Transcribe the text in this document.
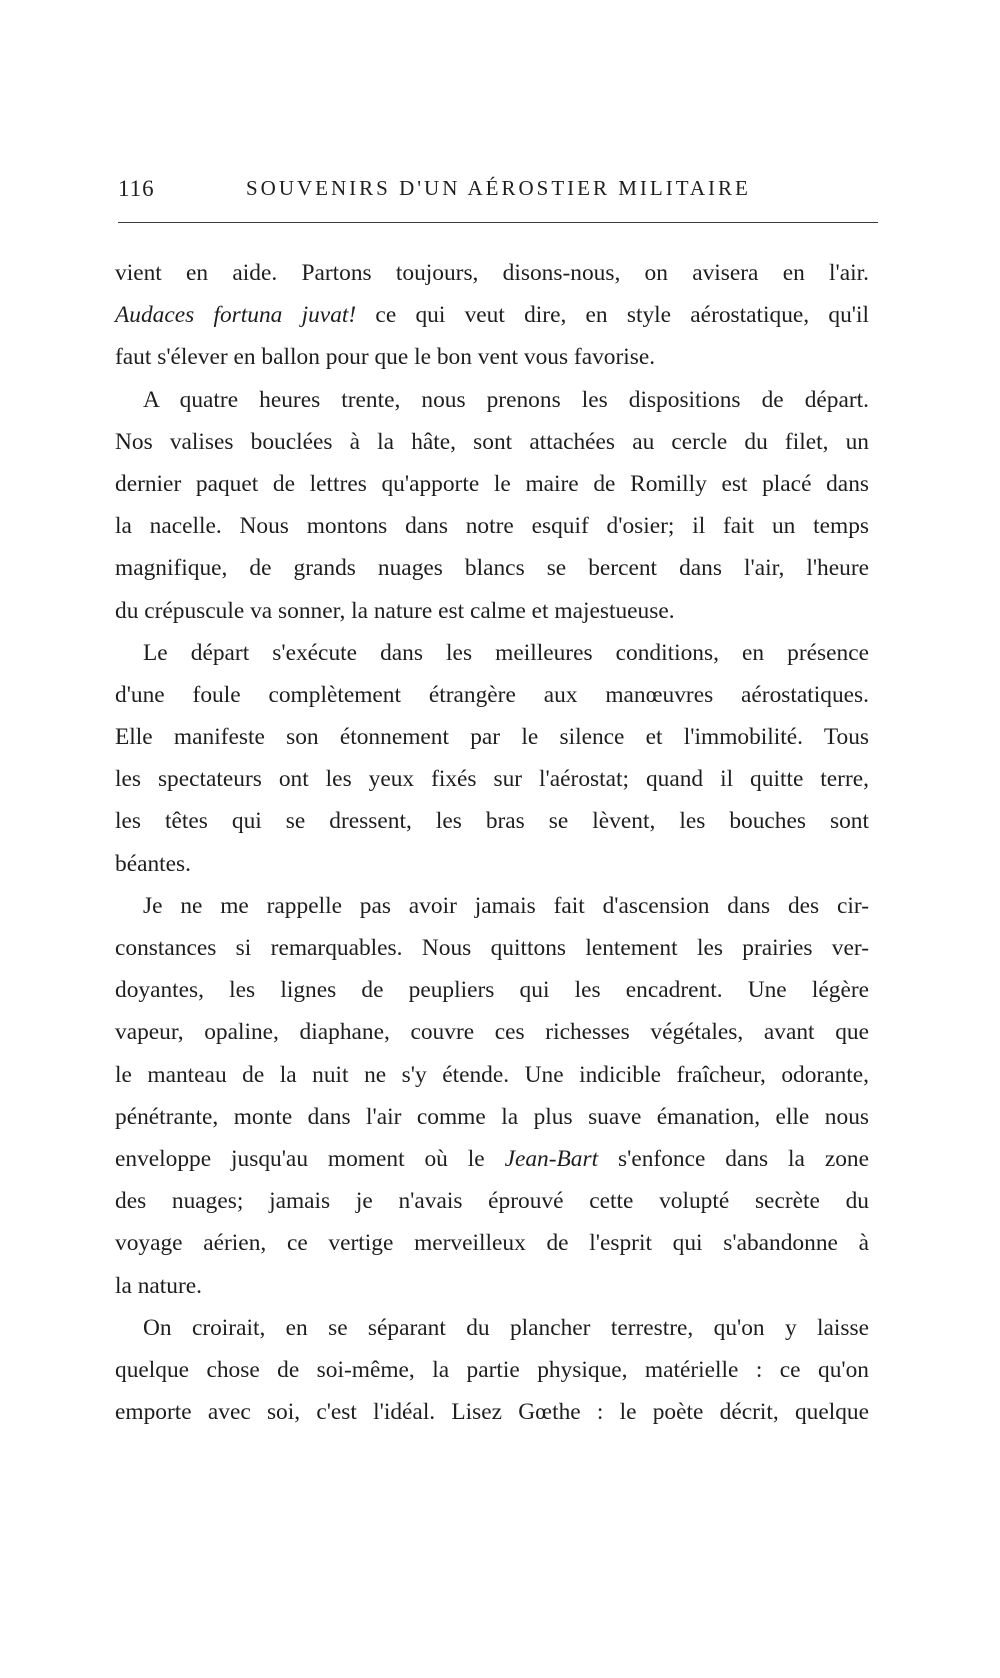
116	SOUVENIRS D'UN AÉROSTIER MILITAIRE
vient en aide. Partons toujours, disons-nous, on avisera en l'air.
Audaces fortuna juvat! ce qui veut dire, en style aérostatique, qu'il
faut s'élever en ballon pour que le bon vent vous favorise.
A quatre heures trente, nous prenons les dispositions de départ.
Nos valises bouclées à la hâte, sont attachées au cercle du filet, un
dernier paquet de lettres qu'apporte le maire de Romilly est placé dans
la nacelle. Nous montons dans notre esquif d'osier; il fait un temps
magnifique, de grands nuages blancs se bercent dans l'air, l'heure
du crépuscule va sonner, la nature est calme et majestueuse.
Le départ s'exécute dans les meilleures conditions, en présence
d'une foule complètement étrangère aux manœuvres aérostatiques.
Elle manifeste son étonnement par le silence et l'immobilité. Tous
les spectateurs ont les yeux fixés sur l'aérostat; quand il quitte terre,
les têtes qui se dressent, les bras se lèvent, les bouches sont
béantes.
Je ne me rappelle pas avoir jamais fait d'ascension dans des cir-
constances si remarquables. Nous quittons lentement les prairies ver-
doyantes, les lignes de peupliers qui les encadrent. Une légère
vapeur, opaline, diaphane, couvre ces richesses végétales, avant que
le manteau de la nuit ne s'y étende. Une indicible fraîcheur, odorante,
pénétrante, monte dans l'air comme la plus suave émanation, elle nous
enveloppe jusqu'au moment où le Jean-Bart s'enfonce dans la zone
des nuages; jamais je n'avais éprouvé cette volupté secrète du
voyage aérien, ce vertige merveilleux de l'esprit qui s'abandonne à
la nature.
On croirait, en se séparant du plancher terrestre, qu'on y laisse
quelque chose de soi-même, la partie physique, matérielle : ce qu'on
emporte avec soi, c'est l'idéal. Lisez Gœthe : le poète décrit, quelque
